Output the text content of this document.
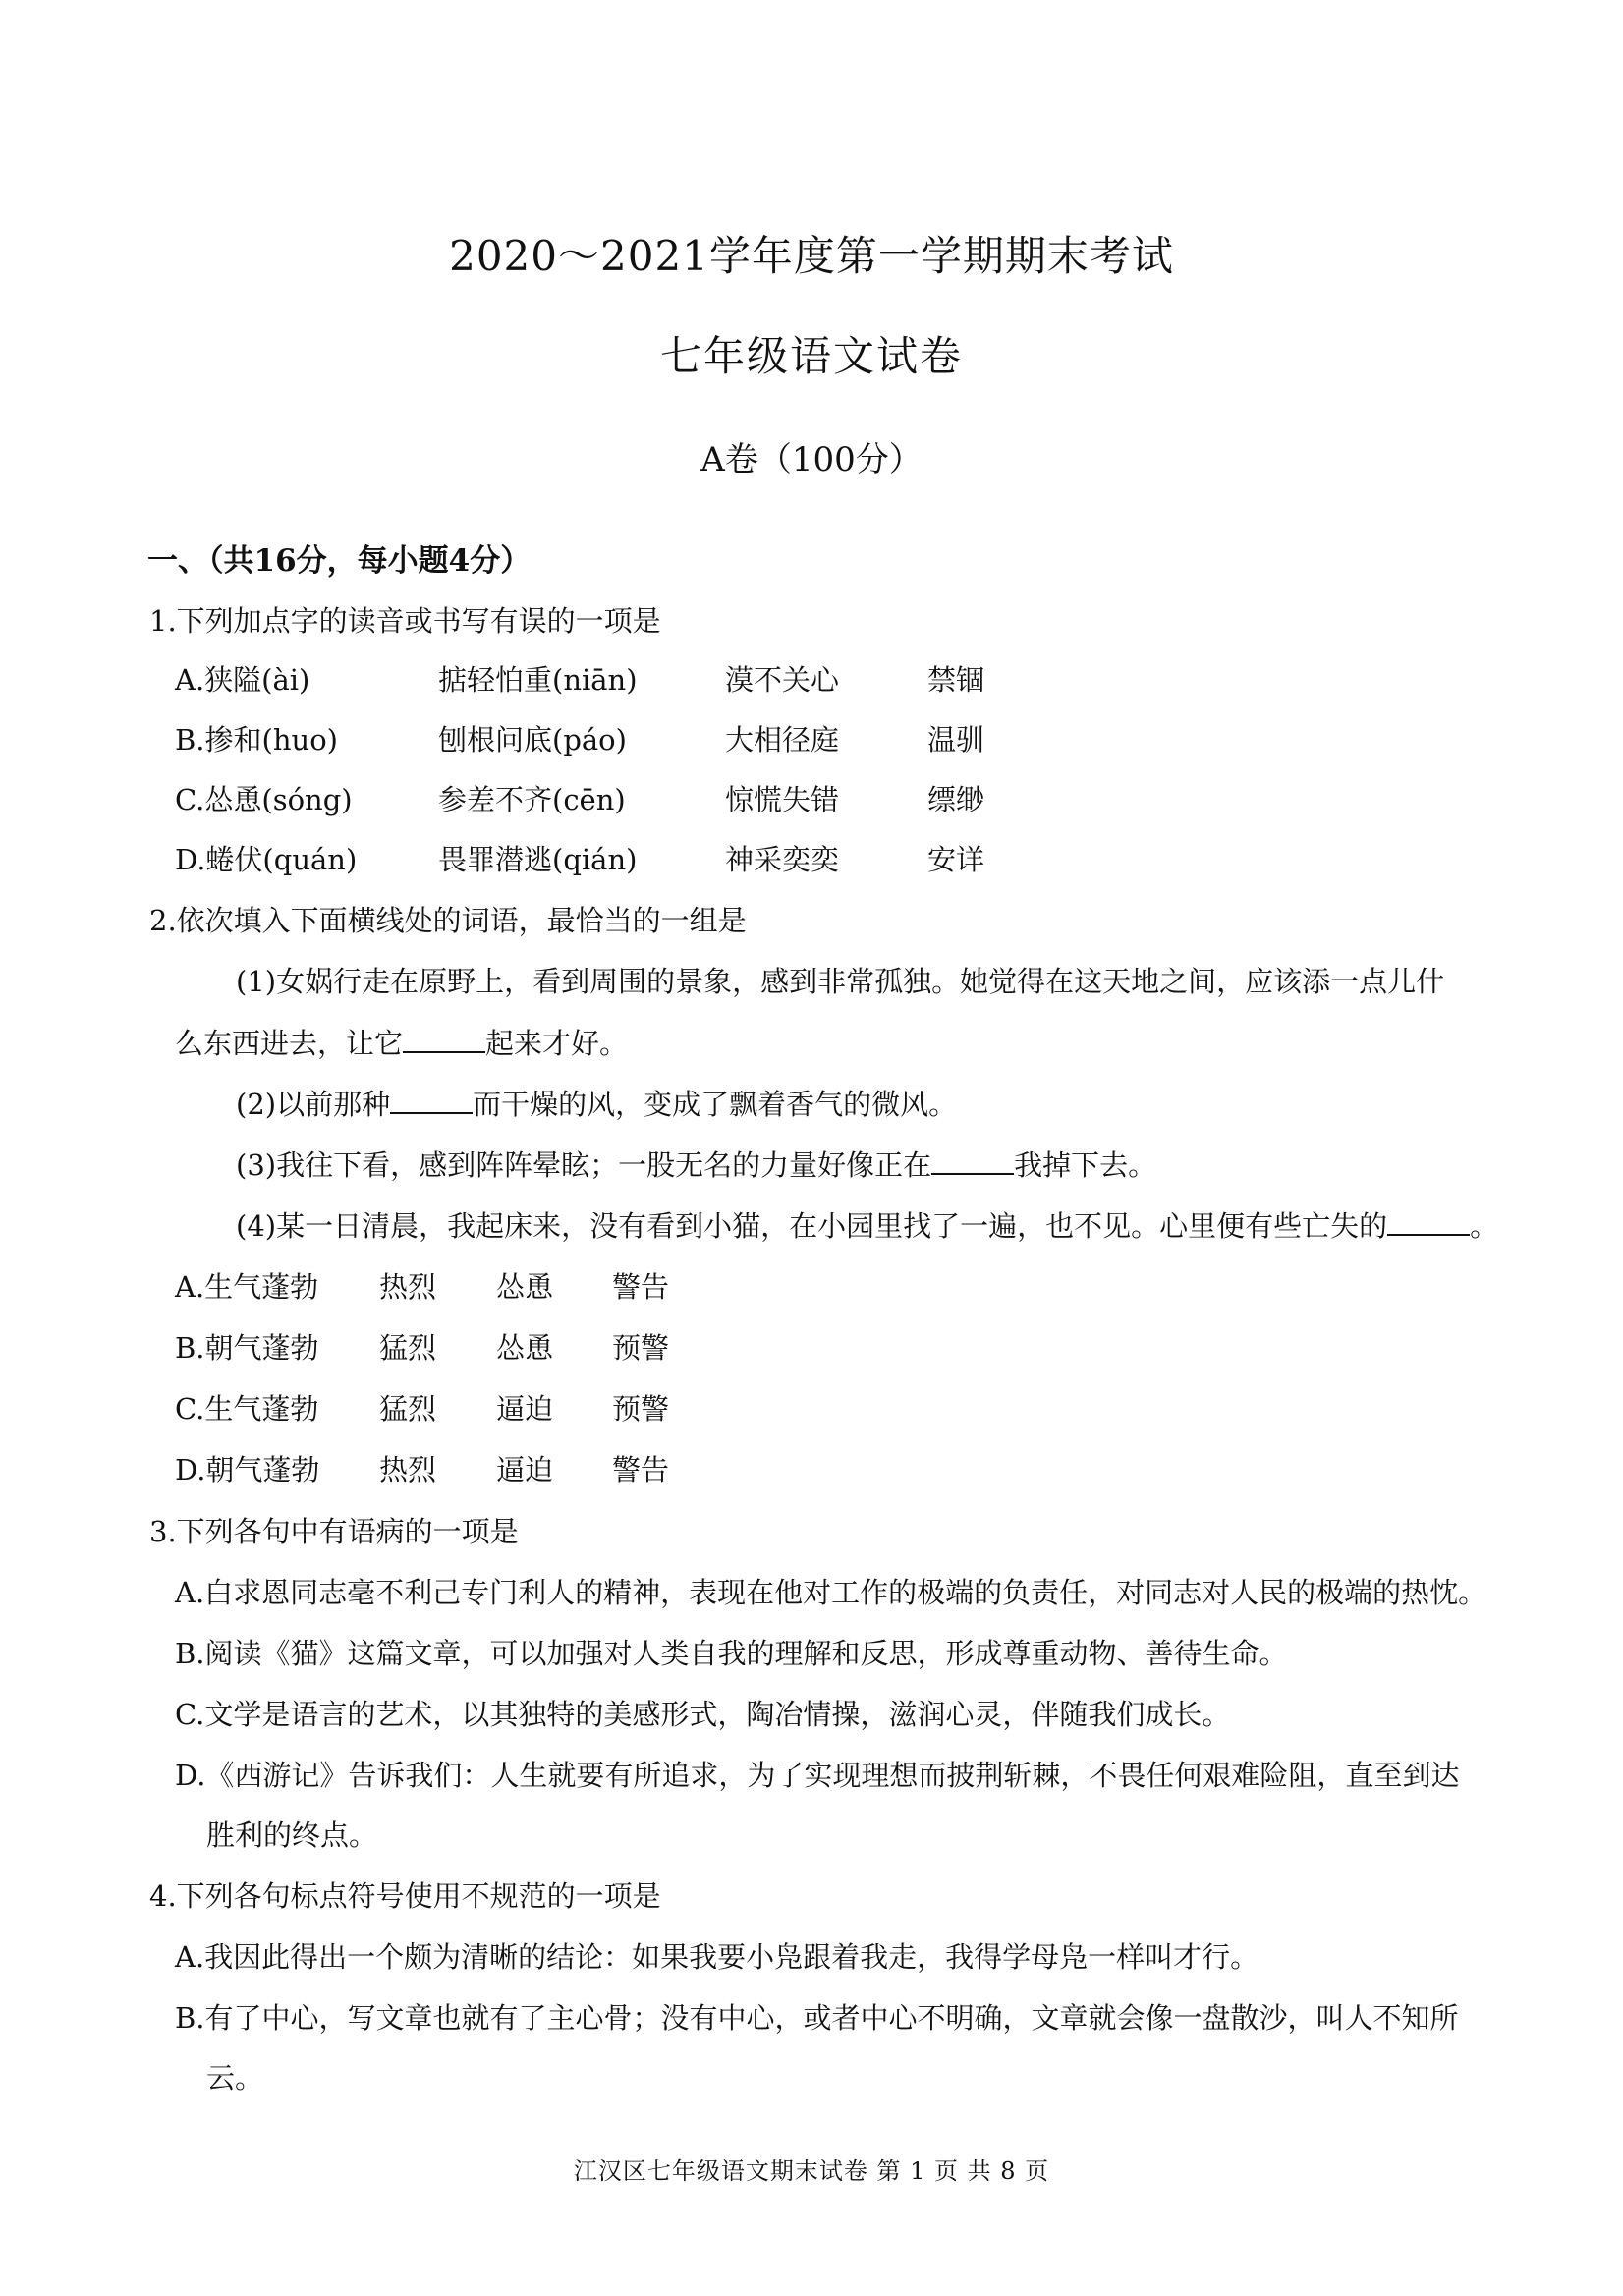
2020～2021学年度第一学期期末考试
七年级语文试卷
A卷（100分）
一、（共16分，每小题4分）
1.下列加点字的读音或书写有误的一项是
A.狭隘(ài)	掂轻怕重(niān)	漠不关心	禁锢
B.掺和(huo)	刨根问底(páo)	大相径庭	温驯
C.怂恿(sóng)	参差不齐(cēn)	惊慌失错	缥缈
D.蜷伏(quán)	畏罪潜逃(qián)	神采奕奕	安详
2.依次填入下面横线处的词语，最恰当的一组是
(1)女娲行走在原野上，看到周围的景象，感到非常孤独。她觉得在这天地之间，应该添一点儿什
么东西进去，让它	起来才好。
(2)以前那种	而干燥的风，变成了飘着香气的微风。
(3)我往下看，感到阵阵晕眩；一股无名的力量好像正在	我掉下去。
(4)某一日清晨，我起床来，没有看到小猫，在小园里找了一遍，也不见。心里便有些亡失的	。
A.生气蓬勃 热烈 怂恿 警告
B.朝气蓬勃 猛烈 怂恿 预警
C.生气蓬勃 猛烈 逼迫 预警
D.朝气蓬勃 热烈 逼迫 警告
3.下列各句中有语病的一项是
A.白求恩同志毫不利己专门利人的精神，表现在他对工作的极端的负责任，对同志对人民的极端的热忱。
B.阅读《猫》这篇文章，可以加强对人类自我的理解和反思，形成尊重动物、善待生命。
C.文学是语言的艺术，以其独特的美感形式，陶冶情操，滋润心灵，伴随我们成长。
D.《西游记》告诉我们：人生就要有所追求，为了实现理想而披荆斩棘，不畏任何艰难险阻，直至到达
胜利的终点。
4.下列各句标点符号使用不规范的一项是
A.我因此得出一个颇为清晰的结论：如果我要小凫跟着我走，我得学母凫一样叫才行。
B.有了中心，写文章也就有了主心骨；没有中心，或者中心不明确，文章就会像一盘散沙，叫人不知所
云。
江汉区七年级语文期末试卷 第 1 页 共 8 页
